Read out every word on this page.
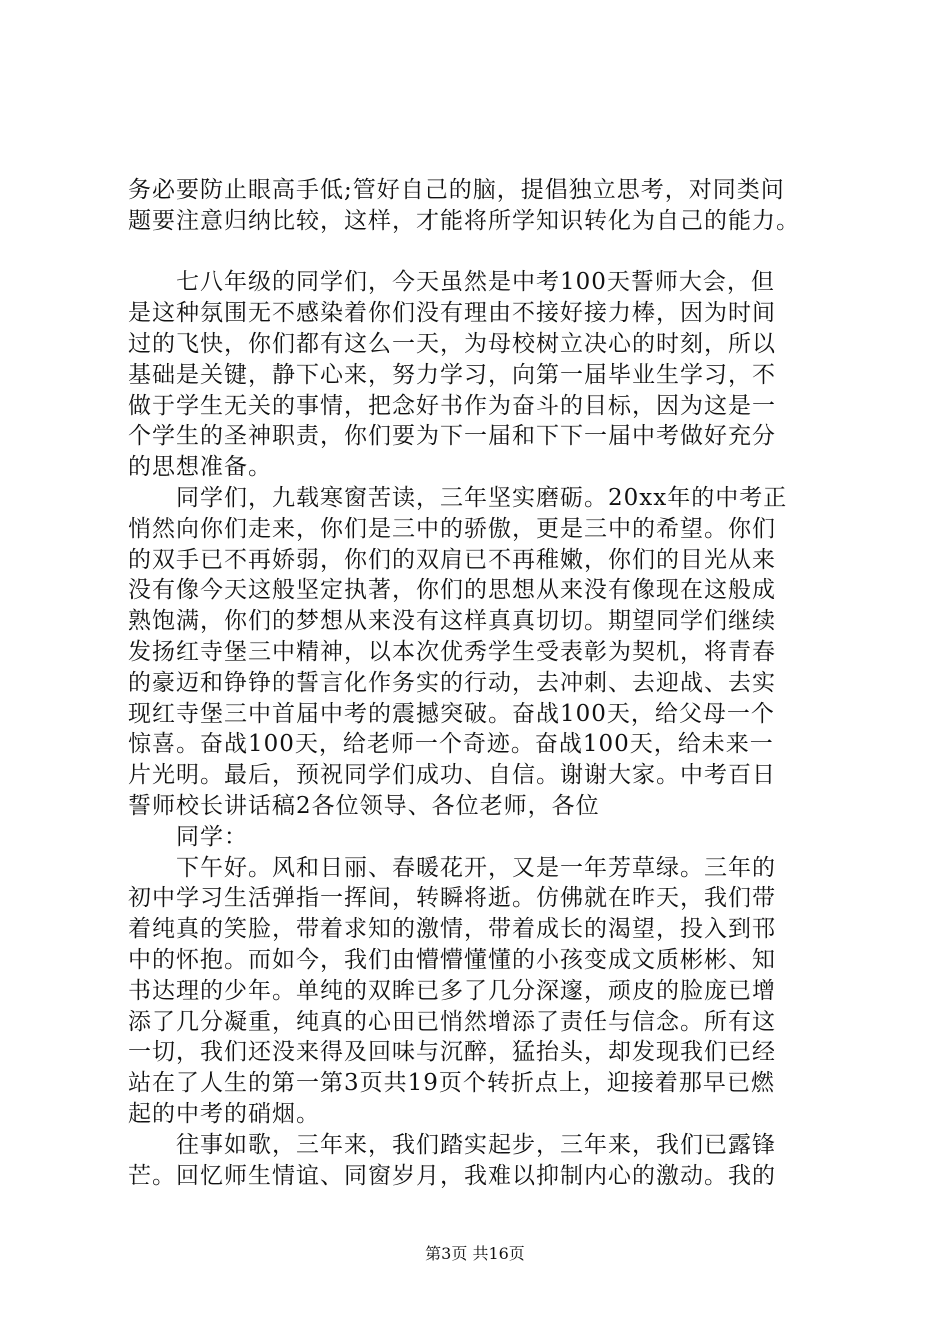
务必要防止眼高手低;管好自己的脑，提倡独立思考，对同类问
题要注意归纳比较，这样，才能将所学知识转化为自己的能力。
七八年级的同学们，今天虽然是中考100天誓师大会，但
是这种氛围无不感染着你们没有理由不接好接力棒，因为时间
过的飞快，你们都有这么一天，为母校树立决心的时刻，所以
基础是关键，静下心来，努力学习，向第一届毕业生学习，不
做于学生无关的事情，把念好书作为奋斗的目标，因为这是一
个学生的圣神职责，你们要为下一届和下下一届中考做好充分
的思想准备。
同学们，九载寒窗苦读，三年坚实磨砺。20xx年的中考正
悄然向你们走来，你们是三中的骄傲，更是三中的希望。你们
的双手已不再娇弱，你们的双肩已不再稚嫩，你们的目光从来
没有像今天这般坚定执著，你们的思想从来没有像现在这般成
熟饱满，你们的梦想从来没有这样真真切切。期望同学们继续
发扬红寺堡三中精神，以本次优秀学生受表彰为契机，将青春
的豪迈和铮铮的誓言化作务实的行动，去冲刺、去迎战、去实
现红寺堡三中首届中考的震撼突破。奋战100天，给父母一个
惊喜。奋战100天，给老师一个奇迹。奋战100天，给未来一
片光明。最后，预祝同学们成功、自信。谢谢大家。中考百日
誓师校长讲话稿2各位领导、各位老师，各位
同学：
下午好。风和日丽、春暖花开，又是一年芳草绿。三年的
初中学习生活弹指一挥间，转瞬将逝。仿佛就在昨天，我们带
着纯真的笑脸，带着求知的激情，带着成长的渴望，投入到邗
中的怀抱。而如今，我们由懵懵懂懂的小孩变成文质彬彬、知
书达理的少年。单纯的双眸已多了几分深邃，顽皮的脸庞已增
添了几分凝重，纯真的心田已悄然增添了责任与信念。所有这
一切，我们还没来得及回味与沉醉，猛抬头，却发现我们已经
站在了人生的第一第3页共19页个转折点上，迎接着那早已燃
起的中考的硝烟。
往事如歌，三年来，我们踏实起步，三年来，我们已露锋
芒。回忆师生情谊、同窗岁月，我难以抑制内心的激动。我的
第3页 共16页
